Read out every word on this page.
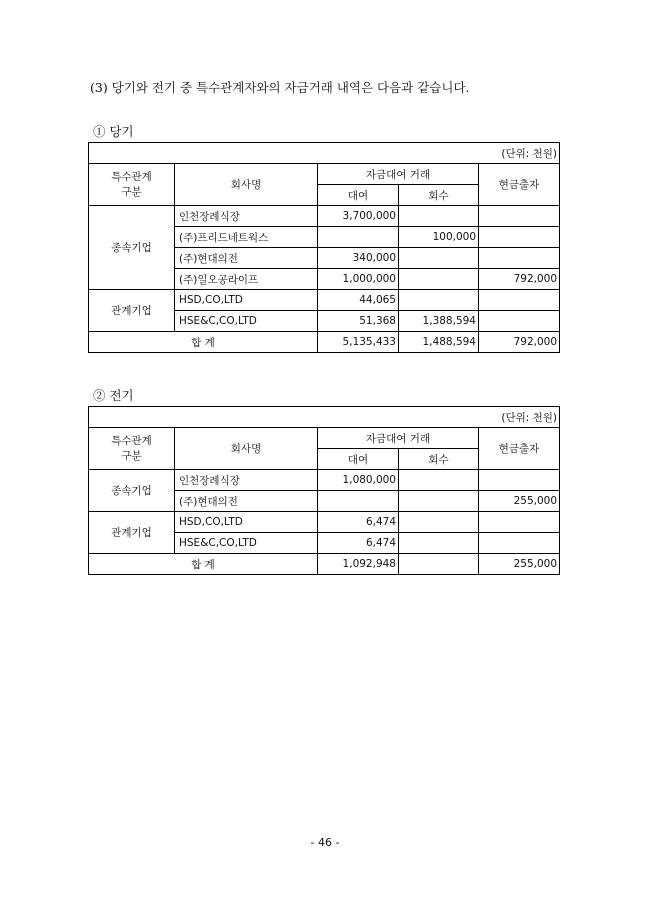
(3) 당기와 전기 중 특수관계자와의 자금거래 내역은 다음과 같습니다.
① 당기
(단위: 천원)				
특수관계
구분	회사명	자금대여 거래		현금출자
		대여	회수	
종속기업	인천장례식장	3,700,000		
	(주)프리드네트웍스		100,000	
	(주)현대의전	340,000		
	(주)일오공라이프	1,000,000		792,000
관계기업	HSD,CO,LTD	44,065		
	HSE&C,CO,LTD	51,368	1,388,594	
합 계		5,135,433	1,488,594	792,000
② 전기
(단위: 천원)				
특수관계
구분	회사명	자금대여 거래		현금출자
		대여	회수	
종속기업	인천장례식장	1,080,000		
	(주)현대의전			255,000
관계기업	HSD,CO,LTD	6,474		
	HSE&C,CO,LTD	6,474		
합 계		1,092,948		255,000
- 46 -
